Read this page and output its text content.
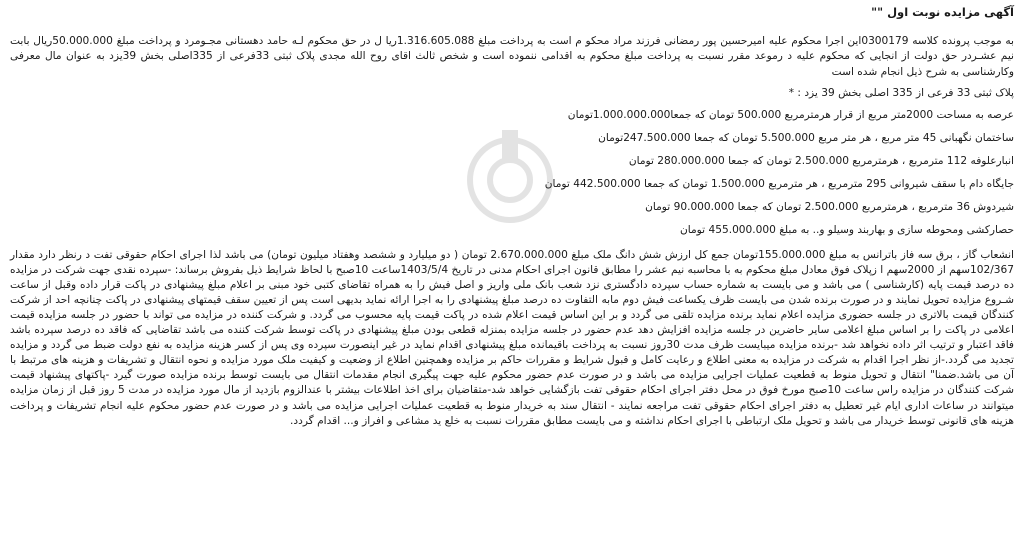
آگهی مزایده نوبت اول ""

به موجب پرونده کلاسه 0300179این اجرا محکوم علیه امیرحسین پور رمضانی فرزند مراد محکو م است به پرداخت مبلغ 1.316.605.088ریا ل در حق محکوم لـه حامد دهستانی مجـومرد و پرداخت مبلغ 50.000.000ریال بابت نیم عشـردر حق دولت از انجایی که محکوم علیه د رموعد مقرر نسبت به پرداخت مبلغ محکوم به اقدامی ننموده است و شخص ثالث اقای روح الله مجدی پلاک ثبتی 33فرعی از 335اصلی بخش 39یزد به عنوان مال معرفی وکارشناسی به شرح ذیل انجام شده است

پلاک ثبتی 33 فرعی از 335 اصلی بخش 39 یزد : *

عرصه به مساحت 2000متر مربع از قرار هرمترمربع 500.000 تومان که جمعا1.000.000.000تومان

ساختمان نگهبانی 45 متر مربع ، هر متر مربع 5.500.000 تومان که جمعا 247.500.000تومان

انبارعلوفه 112 مترمربع ، هرمترمربع 2.500.000 تومان که جمعا 280.000.000 تومان

جایگاه دام با سقف شیروانی 295 مترمربع ، هر مترمربع 1.500.000 تومان که جمعا 442.500.000 تومان

شیردوش 36 مترمربع ، هرمترمربع 2.500.000 تومان که جمعا 90.000.000 تومان

حصارکشی ومحوطه سازی و بهاربند وسیلو و.. به مبلغ 455.000.000 تومان

انشعاب گاز ، برق سه فاز باترانس به مبلغ 155.000.000تومان جمع کل ارزش شش دانگ ملک مبلغ 2.670.000.000 تومان ( دو میلیارد و ششصد وهفتاد میلیون تومان) می باشد لذا اجرای احکام حقوقی تفت د رنظر دارد مقدار 102/367سهم از 2000سهم ا زپلاک فوق معادل مبلغ محکوم به با محاسبه نیم عشر را مطابق قانون اجرای احکام مدنی در تاریخ 1403/5/4ساعت 10صبح با لحاظ شرایط ذیل بفروش برساند: -سپرده نقدی جهت شرکت در مزایده ده درصد قیمت پایه (کارشناسی ) می باشد و می بایست به شماره حساب سپرده دادگستری نزد شعب بانک ملی واریز و اصل فیش را به همراه تقاضای کتبی خود مبنی بر اعلام مبلغ پیشنهادی در پاکت قرار داده وقبل از ساعت شـروع مزایده تحویل نمایند و در صورت برنده شدن می بایست ظرف یکساعت فیش دوم مابه التفاوت ده درصد مبلغ پیشنهادی را به اجرا ارائه نماید بدیهی است پس از تعیین سقف قیمتهای پیشنهادی در پاکت چنانچه احد از شرکت کنندگان قیمت بالاتری در جلسه حضوری مزایده اعلام نماید برنده مزایده تلقی می گردد و بر این اساس قیمت اعلام شده در پاکت قیمت پایه محسوب می گردد. و شرکت کننده در مزایده می تواند با حضور در جلسه مزایده قیمت اعلامی در پاکت را بر اساس مبلغ اعلامی سایر حاضرین در جلسه مزایده افزایش دهد عدم حضور در جلسه مزایده بمنزله قطعی بودن مبلغ پیشنهادی در پاکت توسط شرکت کننده می باشد تقاضایی که فاقد ده درصد سپرده باشد فاقد اعتبار و ترتیب اثر داده نخواهد شد -برنده مزایده میبایست ظرف مدت 30روز نسبت به پرداخت باقیمانده مبلغ پیشنهادی اقدام نماید در غیر اینصورت سپرده وی پس از کسر هزینه مزایده به نفع دولت ضبط می گردد و مزایده تجدید می گردد.-از نظر اجرا اقدام به شرکت در مزایده به معنی اطلاع و رعایت کامل و قبول شرایط و مقررات حاکم بر مزایده وهمچنین اطلاع از وضعیت و کیفیت ملک مورد مزایده و نحوه انتقال و تشریفات و هزینه های مرتبط با آن می باشد.ضمنا" انتقال و تحویل منوط به قطعیت عملیات اجرایی مزایده می باشد و در صورت عدم حضور محکوم علیه جهت پیگیری انجام مقدمات انتقال می بایست توسط برنده مزایده صورت گیرد -پاکتهای پیشنهاد قیمت شرکت کنندگان در مزایده راس ساعت 10صبح مورخ فوق در محل دفتر اجرای احکام حقوقی تفت بازگشایی خواهد شد-متقاضیان برای اخذ اطلاعات بیشتر با عندالزوم بازدید از مال مورد مزایده در مدت 5 روز قبل از زمان مزایده میتوانند در ساعات اداری ایام غیر تعطیل به دفتر اجرای احکام حقوقی تفت مراجعه نمایند - انتقال سند به خریدار منوط به قطعیت عملیات اجرایی مزایده می باشد و در صورت عدم حضور محکوم علیه انجام تشریفات و پرداخت هزینه های قانونی توسط خریدار می باشد و تحویل ملک ارتباطی با اجرای احکام نداشته و می بایست مطابق مقررات نسبت به خلع ید مشاعی و افراز و... اقدام گردد.
